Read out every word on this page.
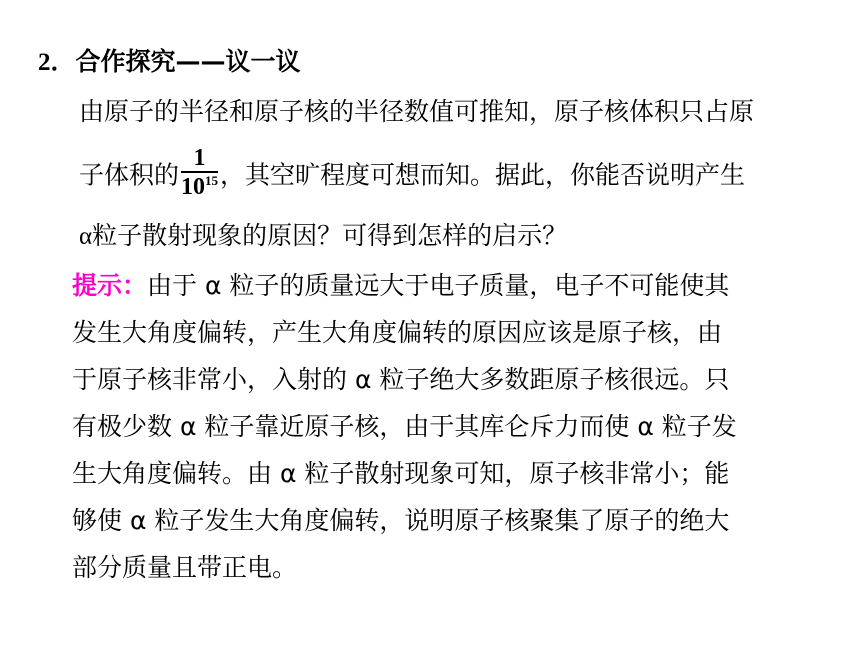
2．合作探究——议一议
由原子的半径和原子核的半径数值可推知，原子核体积只占原
子体积的 $\frac{1}{10^{15}}$ ，其空旷程度可想而知。据此，你能否说明产生
α粒子散射现象的原因？可得到怎样的启示？
提示：由于 α 粒子的质量远大于电子质量，电子不可能使其
发生大角度偏转，产生大角度偏转的原因应该是原子核，由
于原子核非常小，入射的 α 粒子绝大多数距原子核很远。只
有极少数 α 粒子靠近原子核，由于其库仑斥力而使 α 粒子发
生大角度偏转。由 α 粒子散射现象可知，原子核非常小；能
够使 α 粒子发生大角度偏转，说明原子核聚集了原子的绝大
部分质量且带正电。
